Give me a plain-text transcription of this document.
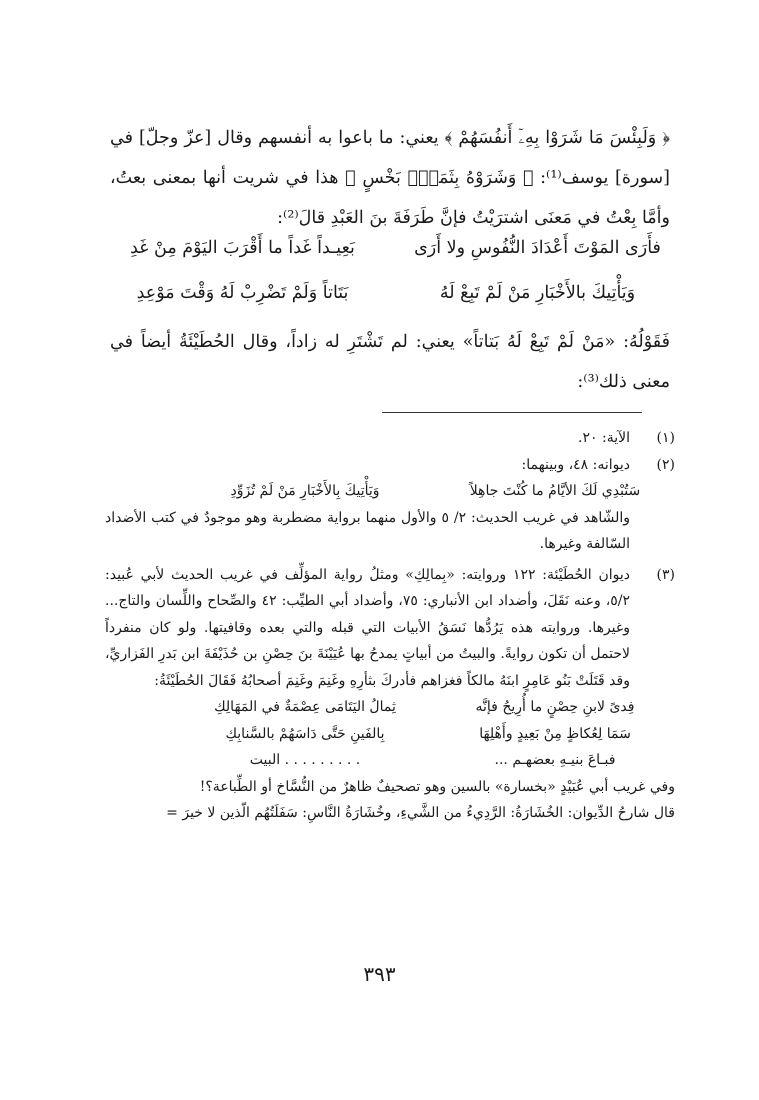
﴿ وَلَبِئْسَ مَا شَرَوْا بِهِۦٓ أَنفُسَهُمْ ﴾ يعني: ما باعوا به أنفسهم وقال [عزّ وجلّ] في [سورة] يوسف⁽¹⁾: ﴿ وَشَرَوْهُ بِثَمَنٍۭ بَخْسٍ ﴾ هذا في شريت أنها بمعنى بعتُ، وأمَّا بِعْتُ في مَعنَى اشترَيْتُ فإنَّ طَرَفَةَ بنَ العَبْدِ قالَ⁽²⁾:

فأَرَى المَوْتَ أَعْدَادَ النُّفُوسِ ولا أَرَى
بَعِيـداً غَداً ما أَقْرَبَ اليَوْمَ مِنْ غَدِ
وَيَأْتِيكَ بالأَخْبَارِ مَنْ لَمْ تَبِعْ لَهُ
بَتَاتاً وَلَمْ تَضْرِبْ لَهُ وَقْتَ مَوْعِدِ

فَقَوْلُهُ: «مَنْ لَمْ تَبِعْ لَهُ بَتاتاً» يعني: لم تَشْتَرِ له زاداً، وقال الحُطَيْئَةُ أيضاً في معنى ذلك⁽³⁾:

(١)
الآية: ٢٠.
(٢)
ديوانه: ٤٨، وبينهما:
سَتُبْدِي لَكَ الأيَّامُ ما كُنْتَ جاهِلاً
وَيَأْتِيكَ بِالأَخْبَارِ مَنْ لَمْ تُزَوِّدِ
والشّاهد في غريب الحديث: ٢/ ٥ والأول منهما برواية مضطربة وهو موجودٌ في كتب الأضداد السّالفة وغيرها.
(٣)
ديوان الحُطَيْئة: ١٢٢ وروايته: «بِمالِكِ» ومثلُ رواية المؤلِّف في غريب الحديث لأبي عُبيد: ٥/٢، وعنه نَقَلَ، وأضداد ابن الأنباري: ٧٥، وأضداد أبي الطيِّب: ٤٢ والصِّحاح واللِّسان والتاج... وغيرها. وروايته هذه يَرُدُّها نَسَقُ الأبيات التي قبله والتي بعده وقافيتها. ولو كان منفرداً لاحتمل أن تكون روايةً. والبيتُ من أبياتٍ يمدحُ بها عُيَيْنَةَ بنَ حِصْنِ بن حُذَيْفَةَ ابن بَدرِ الفَزاريِّ، وقد قَتَلَتْ بَنُو عَامِرٍ ابنَهُ مالكاً فغزاهم فأدركَ بثأرِهِ وغَنِمَ وغَنِمَ أصحابُهُ فَقَالَ الحُطَيْئَةُ:
فِدىً لابنِ حِصْنٍ ما أُرِيحُ فإنَّه
ثِمالُ اليَتَامَى عِصْمَةٌ في المَهَالِكِ
سَمَا لِعُكاظٍ مِنْ بَعِيدٍ وأَهْلِهَا
بِالفَينِ حَتَّى دَاسَهُمْ بالسَّنابِكِ
فبـاعَ بنيـهِ بعضهـم ...
. . . . . . . . . البيت
وفي غريب أبي عُبَيْدٍ «بخسارة» بالسين وهو تصحيفٌ ظاهرٌ من النُّسَّاخ أو الطِّباعة؟!
قال شارحُ الدِّيوان: الخُشَارَةُ: الرَّدِيءُ من الشَّيءِ، وخُشَارَةُ النَّاسِ: سَفَلَتُهُم الّذين لا خيرَ =
٣٩٣
